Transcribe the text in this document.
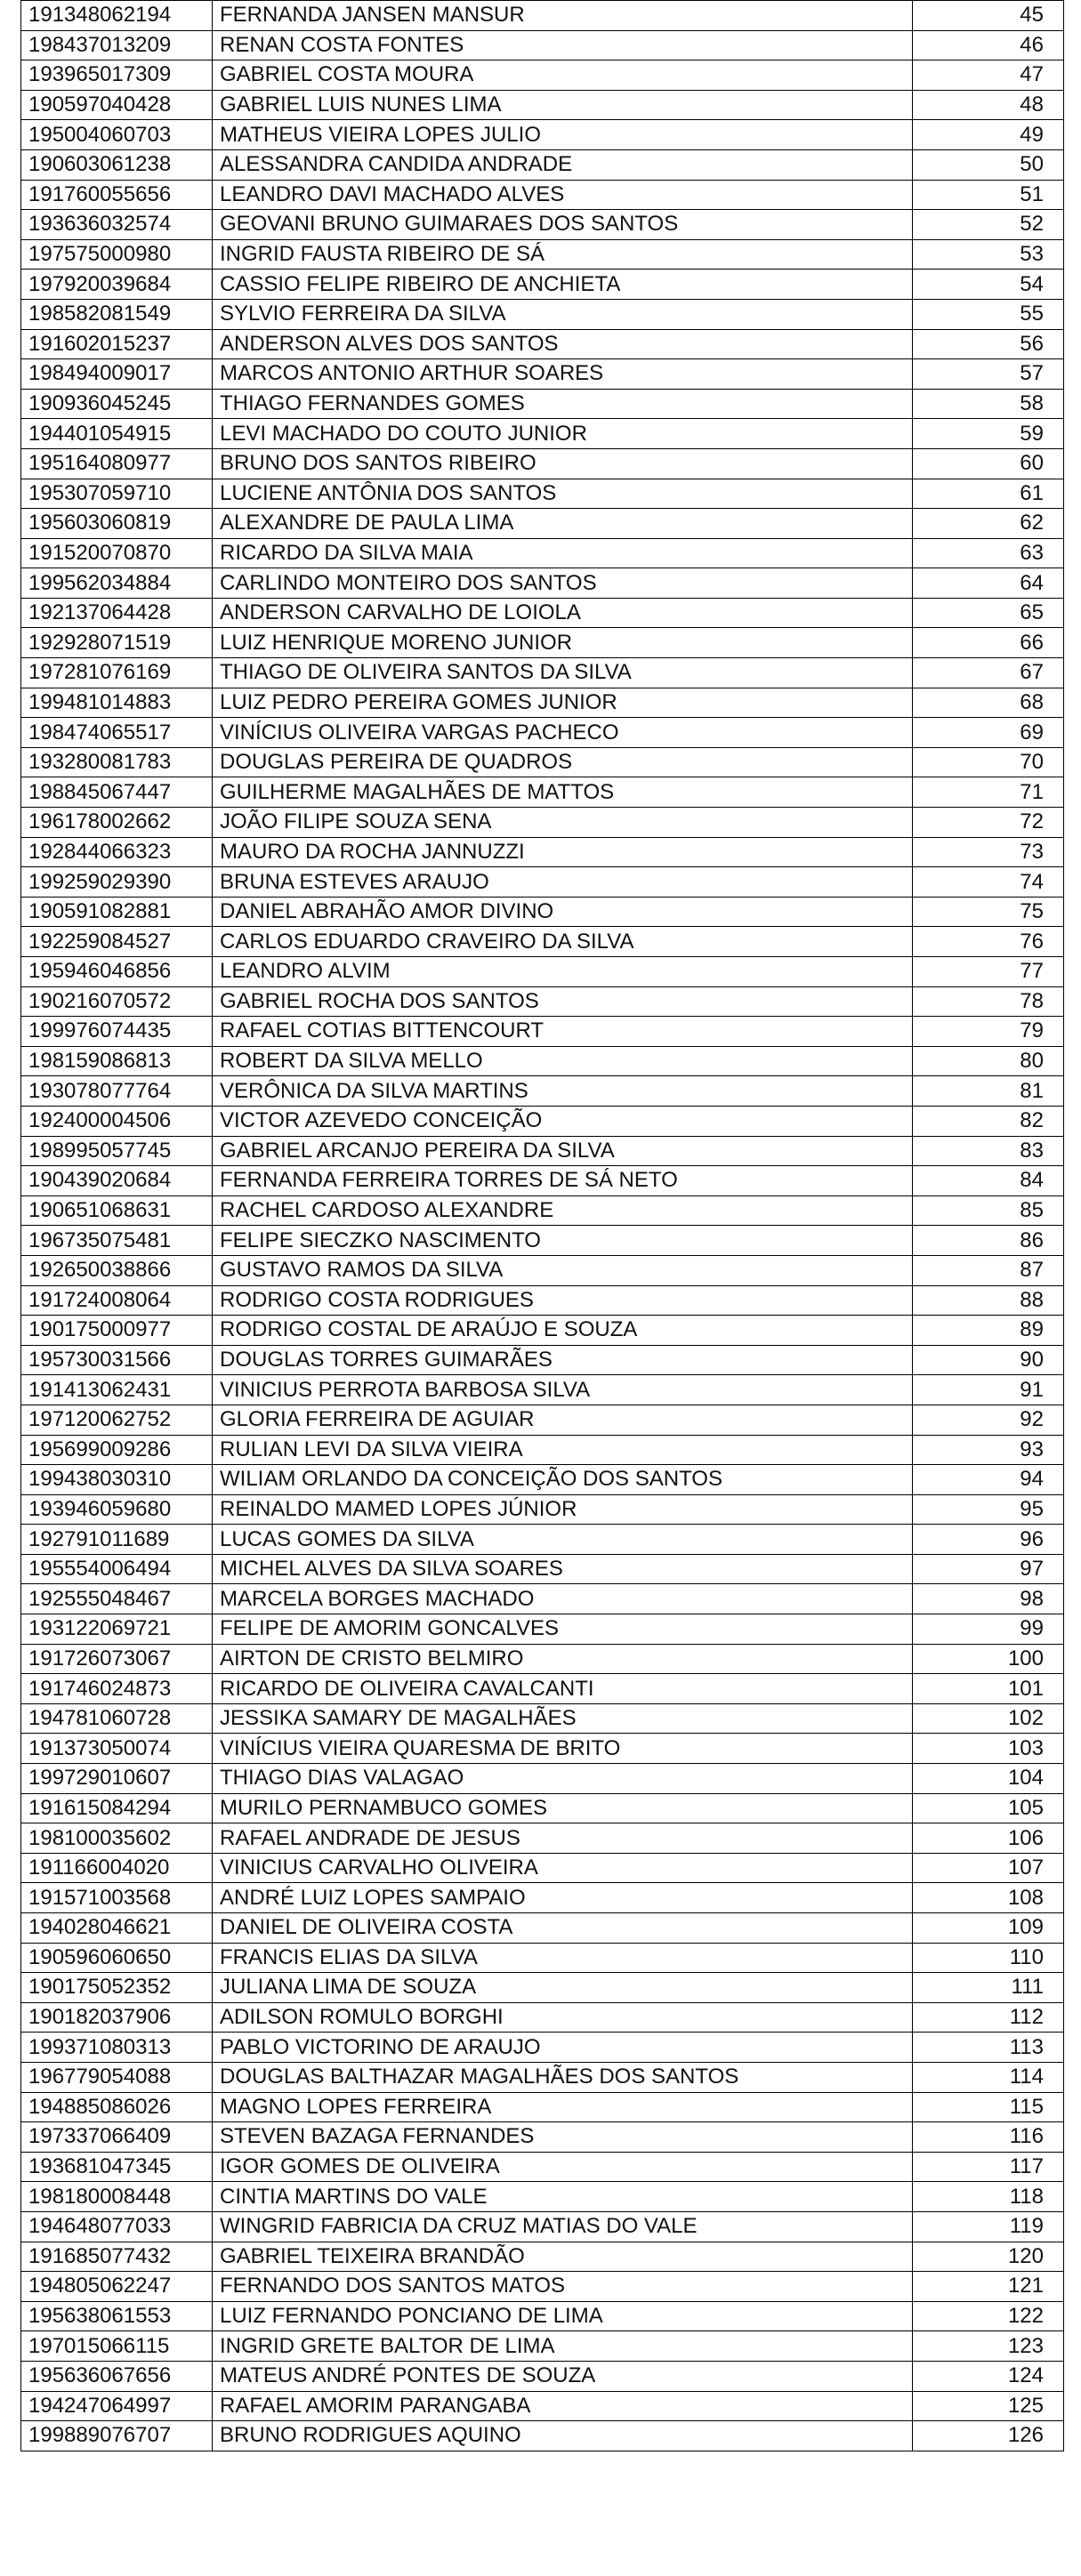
191348062194	FERNANDA JANSEN MANSUR	45
198437013209	RENAN COSTA FONTES	46
193965017309	GABRIEL COSTA MOURA	47
190597040428	GABRIEL LUIS NUNES LIMA	48
195004060703	MATHEUS VIEIRA LOPES JULIO	49
190603061238	ALESSANDRA CANDIDA ANDRADE	50
191760055656	LEANDRO DAVI MACHADO ALVES	51
193636032574	GEOVANI BRUNO GUIMARAES DOS SANTOS	52
197575000980	INGRID FAUSTA RIBEIRO DE SÁ	53
197920039684	CASSIO FELIPE RIBEIRO DE ANCHIETA	54
198582081549	SYLVIO FERREIRA DA SILVA	55
191602015237	ANDERSON ALVES DOS SANTOS	56
198494009017	MARCOS ANTONIO ARTHUR SOARES	57
190936045245	THIAGO FERNANDES GOMES	58
194401054915	LEVI MACHADO DO COUTO JUNIOR	59
195164080977	BRUNO DOS SANTOS RIBEIRO	60
195307059710	LUCIENE ANTÔNIA DOS SANTOS	61
195603060819	ALEXANDRE DE PAULA LIMA	62
191520070870	RICARDO DA SILVA MAIA	63
199562034884	CARLINDO MONTEIRO DOS SANTOS	64
192137064428	ANDERSON CARVALHO DE LOIOLA	65
192928071519	LUIZ HENRIQUE MORENO JUNIOR	66
197281076169	THIAGO DE OLIVEIRA SANTOS DA SILVA	67
199481014883	LUIZ PEDRO PEREIRA GOMES JUNIOR	68
198474065517	VINÍCIUS OLIVEIRA VARGAS PACHECO	69
193280081783	DOUGLAS PEREIRA DE QUADROS	70
198845067447	GUILHERME MAGALHÃES DE MATTOS	71
196178002662	JOÃO FILIPE SOUZA SENA	72
192844066323	MAURO DA ROCHA JANNUZZI	73
199259029390	BRUNA ESTEVES ARAUJO	74
190591082881	DANIEL ABRAHÃO AMOR DIVINO	75
192259084527	CARLOS EDUARDO CRAVEIRO DA SILVA	76
195946046856	LEANDRO ALVIM	77
190216070572	GABRIEL ROCHA DOS SANTOS	78
199976074435	RAFAEL COTIAS BITTENCOURT	79
198159086813	ROBERT DA SILVA MELLO	80
193078077764	VERÔNICA DA SILVA MARTINS	81
192400004506	VICTOR AZEVEDO CONCEIÇÃO	82
198995057745	GABRIEL ARCANJO PEREIRA DA SILVA	83
190439020684	FERNANDA FERREIRA TORRES DE SÁ NETO	84
190651068631	RACHEL CARDOSO ALEXANDRE	85
196735075481	FELIPE SIECZKO NASCIMENTO	86
192650038866	GUSTAVO RAMOS DA SILVA	87
191724008064	RODRIGO COSTA RODRIGUES	88
190175000977	RODRIGO COSTAL DE ARAÚJO E SOUZA	89
195730031566	DOUGLAS TORRES GUIMARÃES	90
191413062431	VINICIUS PERROTA BARBOSA SILVA	91
197120062752	GLORIA FERREIRA DE AGUIAR	92
195699009286	RULIAN LEVI DA SILVA VIEIRA	93
199438030310	WILIAM ORLANDO DA CONCEIÇÃO DOS SANTOS	94
193946059680	REINALDO MAMED LOPES JÚNIOR	95
192791011689	LUCAS GOMES DA SILVA	96
195554006494	MICHEL ALVES DA SILVA SOARES	97
192555048467	MARCELA BORGES MACHADO	98
193122069721	FELIPE DE AMORIM GONCALVES	99
191726073067	AIRTON DE CRISTO BELMIRO	100
191746024873	RICARDO DE OLIVEIRA CAVALCANTI	101
194781060728	JESSIKA SAMARY DE MAGALHÃES	102
191373050074	VINÍCIUS VIEIRA QUARESMA DE BRITO	103
199729010607	THIAGO DIAS VALAGAO	104
191615084294	MURILO PERNAMBUCO GOMES	105
198100035602	RAFAEL ANDRADE DE JESUS	106
191166004020	VINICIUS CARVALHO OLIVEIRA	107
191571003568	ANDRÉ LUIZ LOPES SAMPAIO	108
194028046621	DANIEL DE OLIVEIRA COSTA	109
190596060650	FRANCIS ELIAS DA SILVA	110
190175052352	JULIANA LIMA DE SOUZA	111
190182037906	ADILSON ROMULO BORGHI	112
199371080313	PABLO VICTORINO DE ARAUJO	113
196779054088	DOUGLAS BALTHAZAR MAGALHÃES DOS SANTOS	114
194885086026	MAGNO LOPES FERREIRA	115
197337066409	STEVEN BAZAGA FERNANDES	116
193681047345	IGOR GOMES DE OLIVEIRA	117
198180008448	CINTIA MARTINS DO VALE	118
194648077033	WINGRID FABRICIA DA CRUZ MATIAS DO VALE	119
191685077432	GABRIEL TEIXEIRA BRANDÃO	120
194805062247	FERNANDO DOS SANTOS MATOS	121
195638061553	LUIZ FERNANDO PONCIANO DE LIMA	122
197015066115	INGRID GRETE BALTOR DE LIMA	123
195636067656	MATEUS ANDRÉ PONTES DE SOUZA	124
194247064997	RAFAEL AMORIM PARANGABA	125
199889076707	BRUNO RODRIGUES AQUINO	126
